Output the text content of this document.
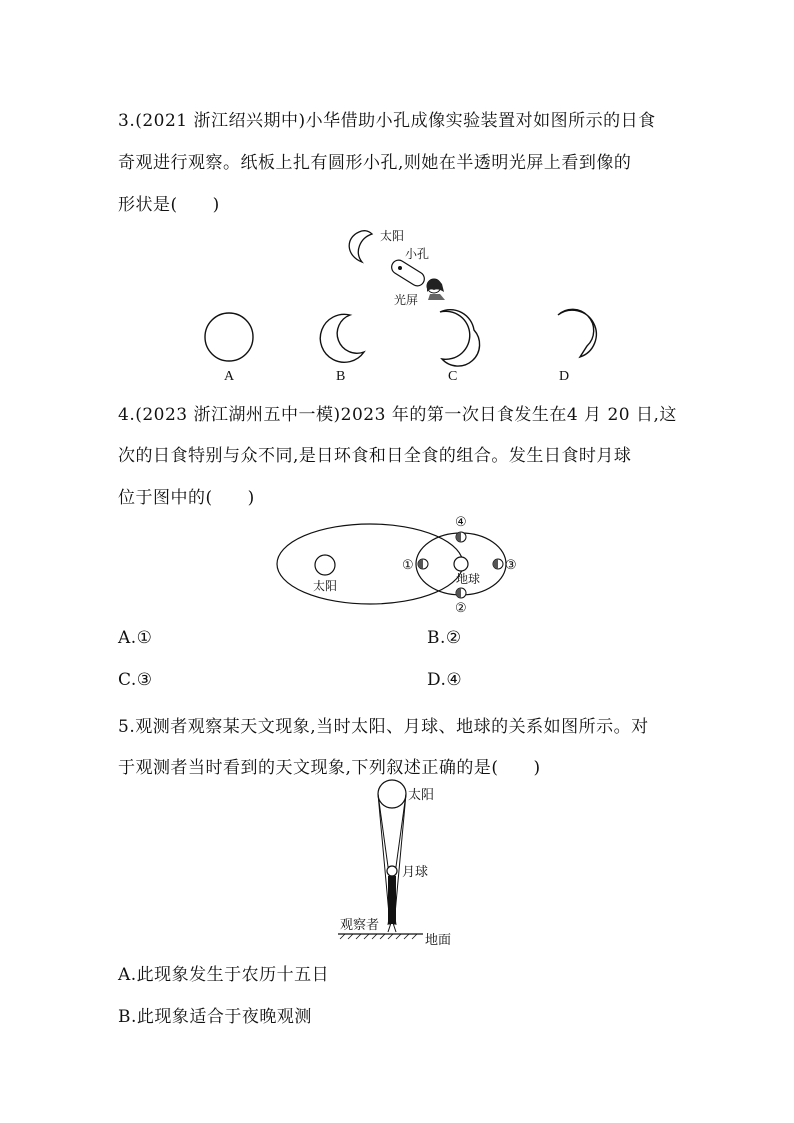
3.(2021 浙江绍兴期中)小华借助小孔成像实验装置对如图所示的日食
奇观进行观察。纸板上扎有圆形小孔,则她在半透明光屏上看到像的
形状是(　　)
太阳
小孔
光屏
A	B	C	D
太阳	地球
①	③
④
②
太阳
月球
观察者
地面
4.(2023 浙江湖州五中一模)2023 年的第一次日食发生在4 月 20 日,这
次的日食特别与众不同,是日环食和日全食的组合。发生日食时月球
位于图中的(　　)
A.①	B.②
C.③	D.④
5.观测者观察某天文现象,当时太阳、月球、地球的关系如图所示。对
于观测者当时看到的天文现象,下列叙述正确的是(　　)
A.此现象发生于农历十五日
B.此现象适合于夜晚观测
